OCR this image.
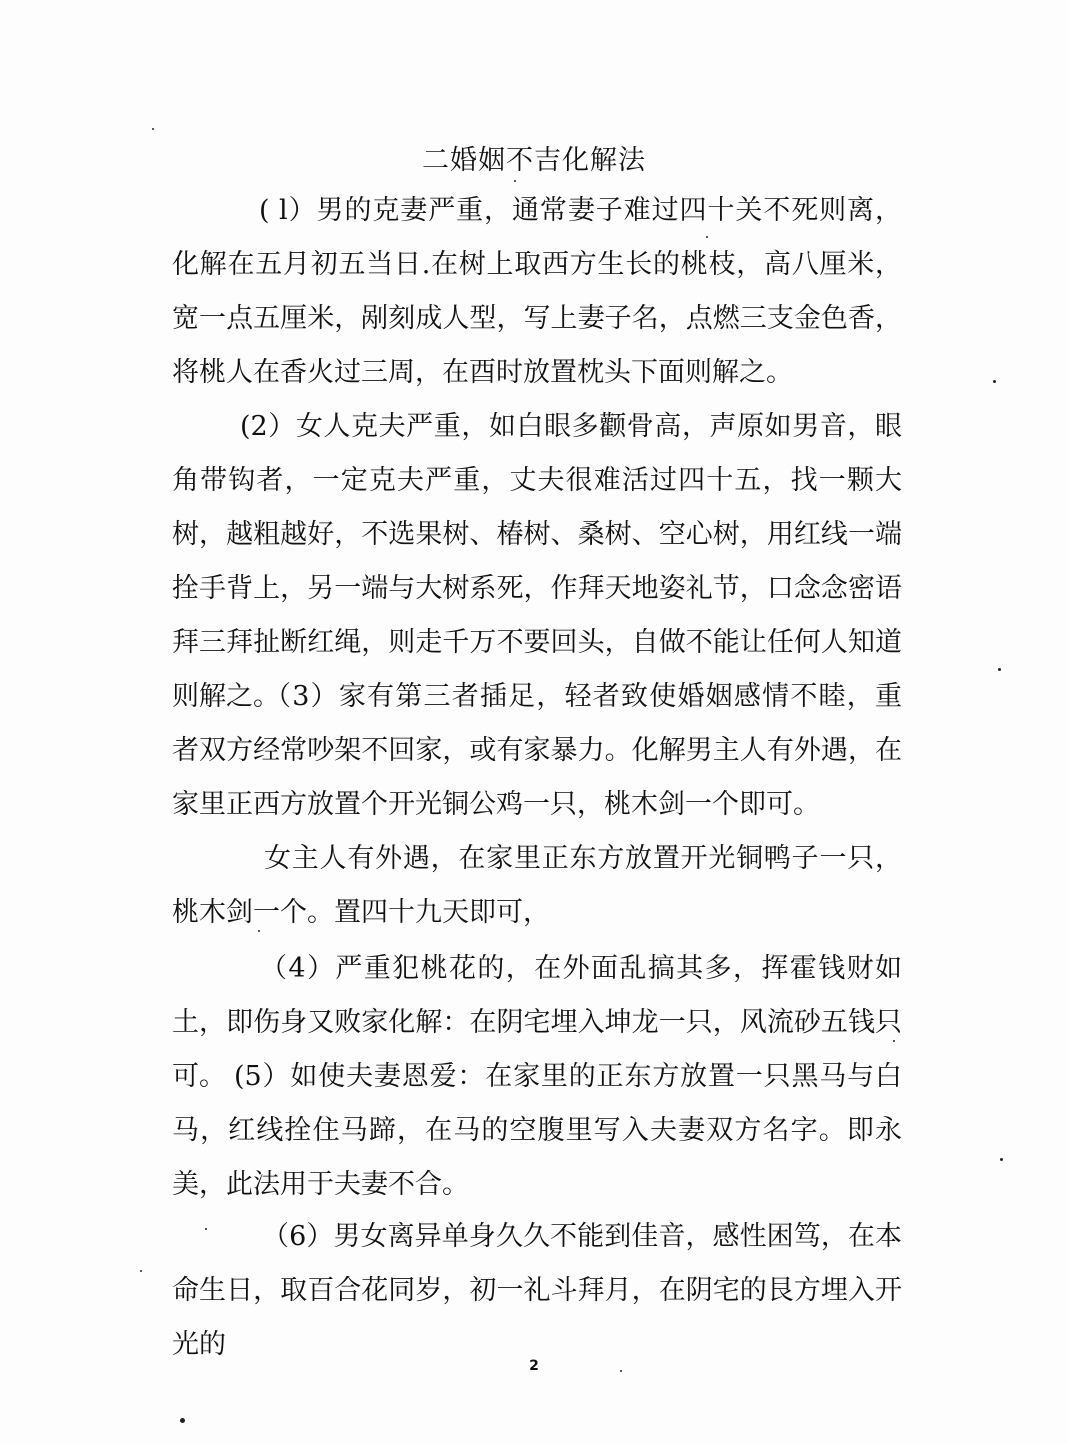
二婚姻不吉化解法
( l）男的克妻严重，通常妻子难过四十关不死则离，化解在五月初五当日.在树上取西方生长的桃枝，高八厘米，宽一点五厘米，剐刻成人型，写上妻子名，点燃三支金色香，将桃人在香火过三周，在酉时放置枕头下面则解之。
(2）女人克夫严重，如白眼多颧骨高，声原如男音，眼角带钩者，一定克夫严重，丈夫很难活过四十五，找一颗大树，越粗越好，不选果树、椿树、桑树、空心树，用红线一端拴手背上，另一端与大树系死，作拜天地姿礼节，口念念密语拜三拜扯断红绳，则走千万不要回头，自做不能让任何人知道则解之。
（3）家有第三者插足，轻者致使婚姻感情不睦，重者双方经常吵架不回家，或有家暴力。化解男主人有外遇，在家里正西方放置个开光铜公鸡一只，桃木剑一个即可。
女主人有外遇，在家里正东方放置开光铜鸭子一只，桃木剑一个。置四十九天即可，
（4）严重犯桃花的，在外面乱搞其多，挥霍钱财如土，即伤身又败家化解：在阴宅埋入坤龙一只，风流砂五钱只可。 (5）如使夫妻恩爱：在家里的正东方放置一只黑马与白马，红线拴住马蹄，在马的空腹里写入夫妻双方名字。即永美，此法用于夫妻不合。
（6）男女离异单身久久不能到佳音，感性困笃，在本命生日，取百合花同岁，初一礼斗拜月，在阴宅的艮方埋入开光的
2
